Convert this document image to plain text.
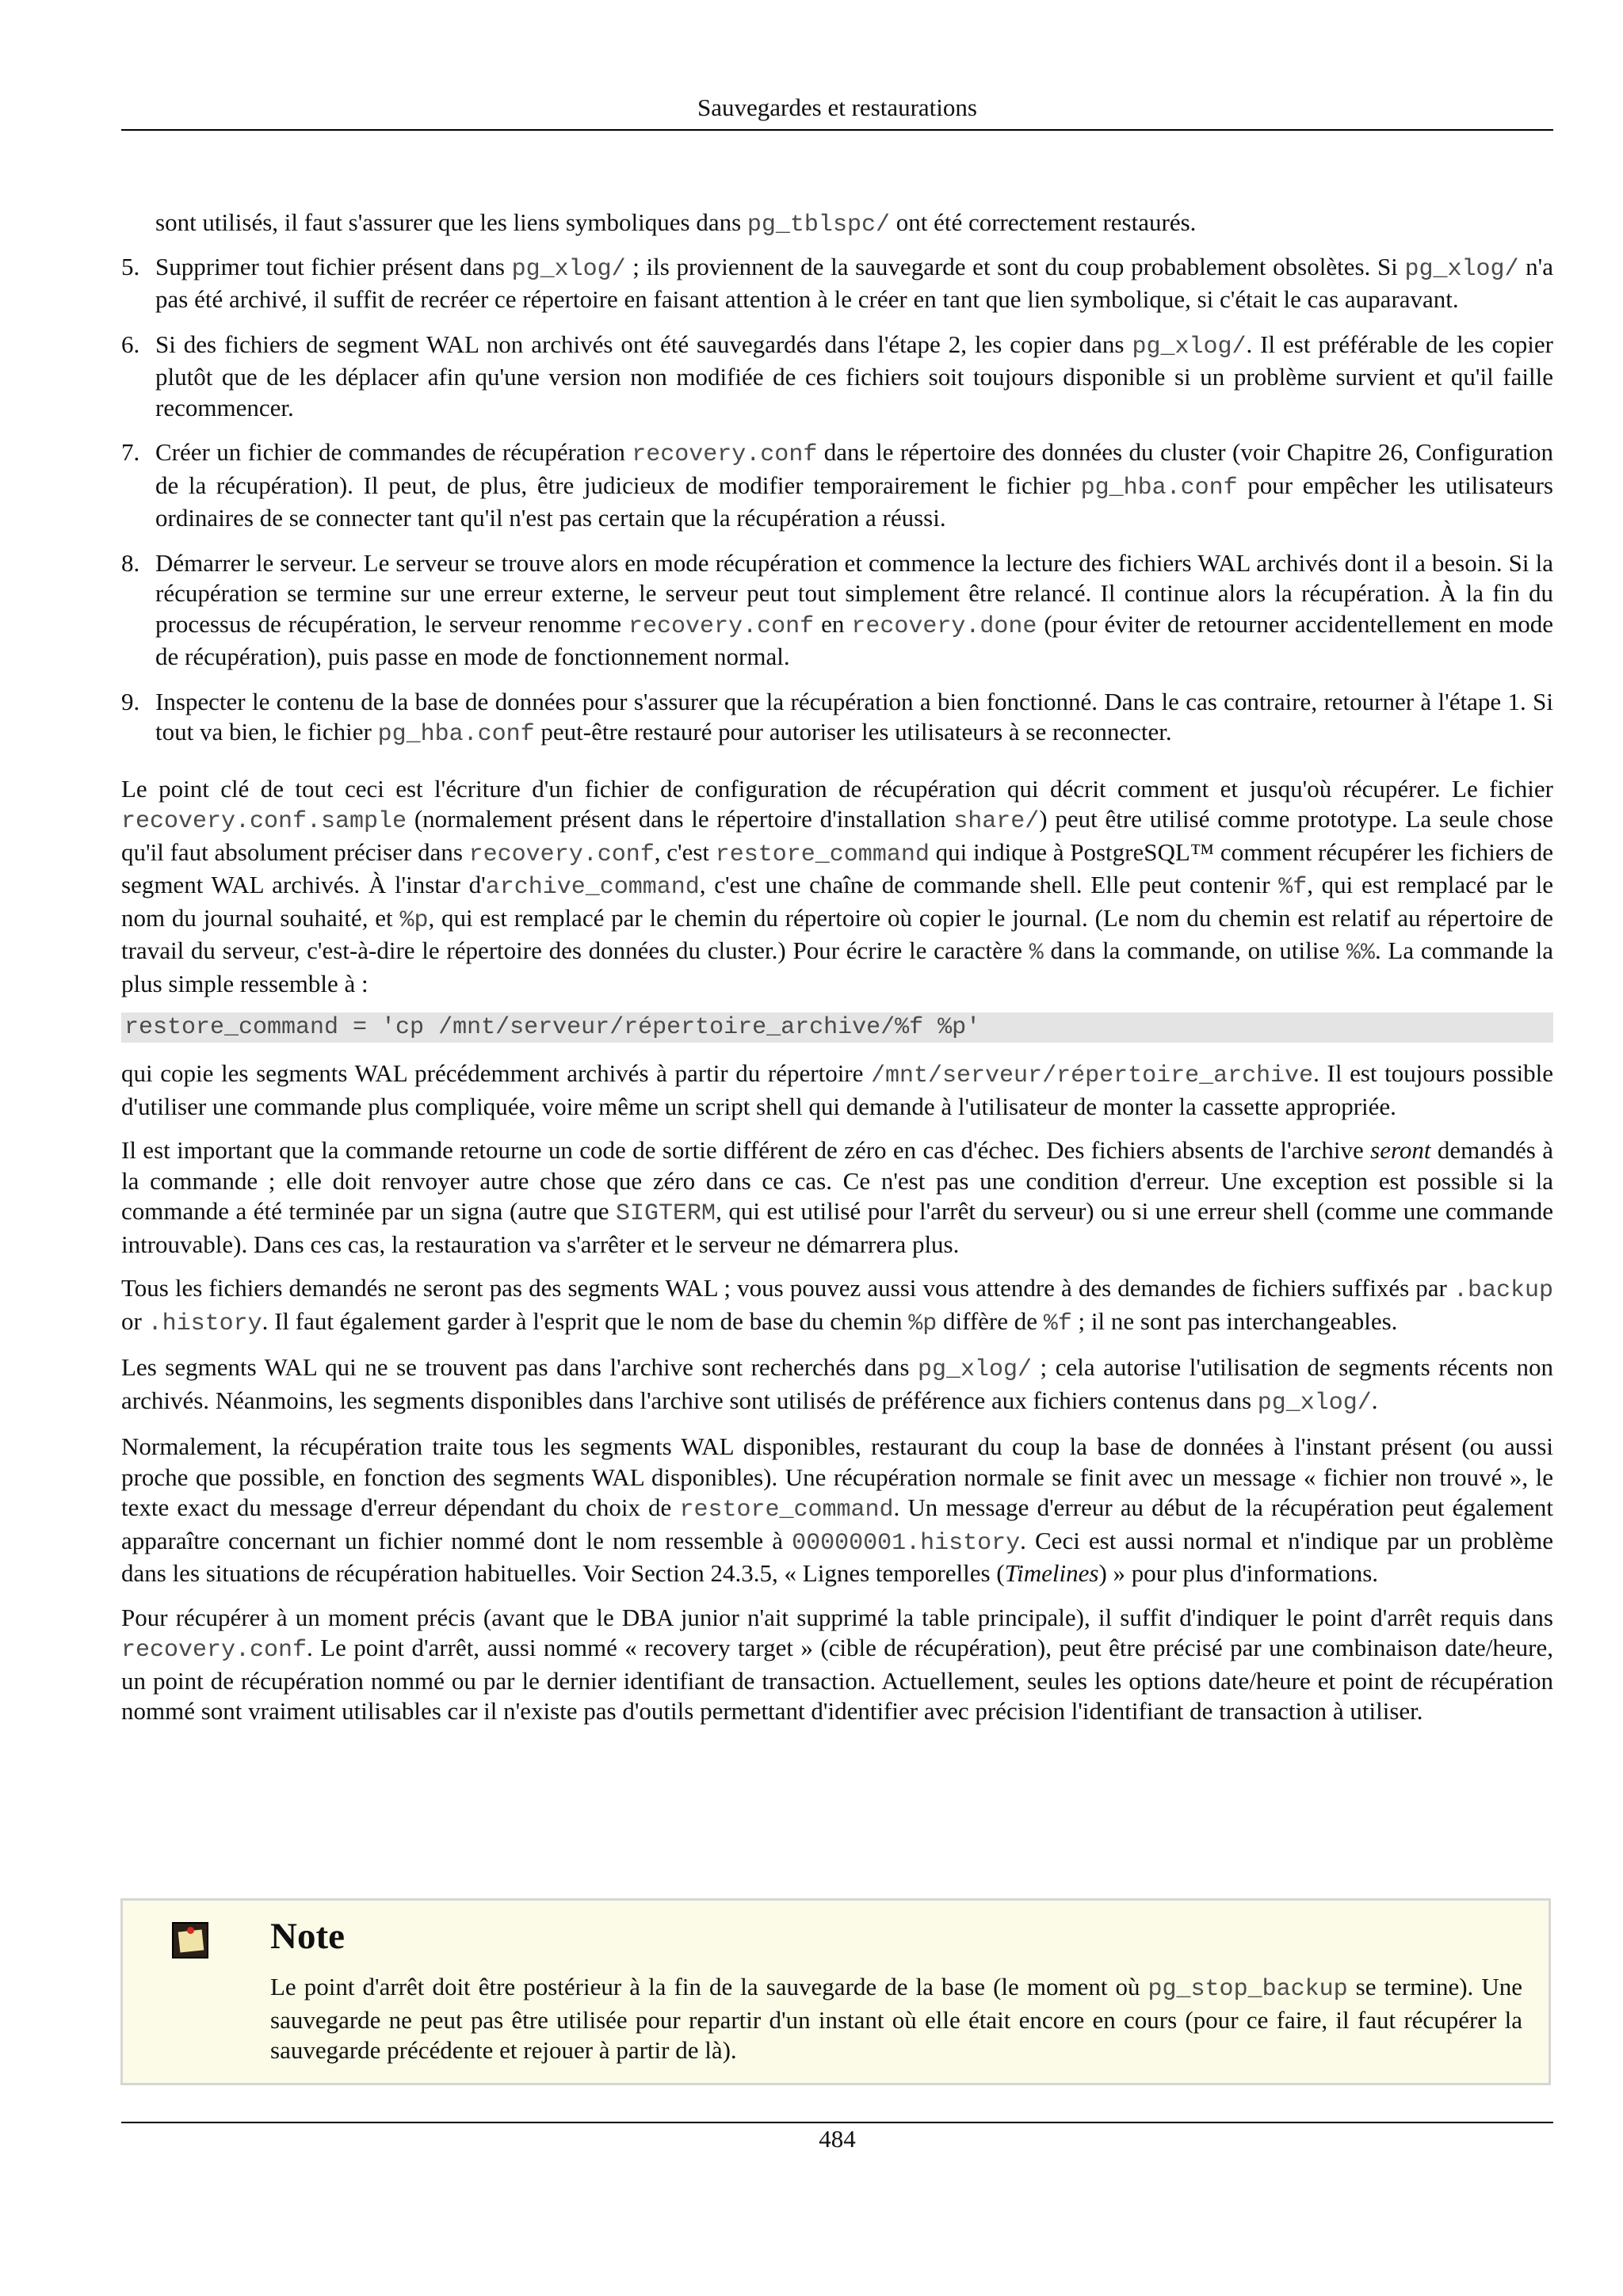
Sauvegardes et restaurations

sont utilisés, il faut s'assurer que les liens symboliques dans pg_tblspc/ ont été correctement restaurés.

5. Supprimer tout fichier présent dans pg_xlog/ ; ils proviennent de la sauvegarde et sont du coup probablement obsolètes. Si pg_xlog/ n'a pas été archivé, il suffit de recréer ce répertoire en faisant attention à le créer en tant que lien symbolique, si c'était le cas auparavant.
6. Si des fichiers de segment WAL non archivés ont été sauvegardés dans l'étape 2, les copier dans pg_xlog/. Il est préférable de les copier plutôt que de les déplacer afin qu'une version non modifiée de ces fichiers soit toujours disponible si un problème survient et qu'il faille recommencer.
7. Créer un fichier de commandes de récupération recovery.conf dans le répertoire des données du cluster (voir Chapitre 26, Configuration de la récupération). Il peut, de plus, être judicieux de modifier temporairement le fichier pg_hba.conf pour empêcher les utilisateurs ordinaires de se connecter tant qu'il n'est pas certain que la récupération a réussi.
8. Démarrer le serveur. Le serveur se trouve alors en mode récupération et commence la lecture des fichiers WAL archivés dont il a besoin. Si la récupération se termine sur une erreur externe, le serveur peut tout simplement être relancé. Il continue alors la récupération. À la fin du processus de récupération, le serveur renomme recovery.conf en recovery.done (pour éviter de retourner accidentellement en mode de récupération), puis passe en mode de fonctionnement normal.
9. Inspecter le contenu de la base de données pour s'assurer que la récupération a bien fonctionné. Dans le cas contraire, retourner à l'étape 1. Si tout va bien, le fichier pg_hba.conf peut-être restauré pour autoriser les utilisateurs à se reconnecter.

Le point clé de tout ceci est l'écriture d'un fichier de configuration de récupération qui décrit comment et jusqu'où récupérer. Le fichier recovery.conf.sample (normalement présent dans le répertoire d'installation share/) peut être utilisé comme prototype. La seule chose qu'il faut absolument préciser dans recovery.conf, c'est restore_command qui indique à PostgreSQL™ comment récupérer les fichiers de segment WAL archivés. À l'instar d'archive_command, c'est une chaîne de commande shell. Elle peut contenir %f, qui est remplacé par le nom du journal souhaité, et %p, qui est remplacé par le chemin du répertoire où copier le journal. (Le nom du chemin est relatif au répertoire de travail du serveur, c'est-à-dire le répertoire des données du cluster.) Pour écrire le caractère % dans la commande, on utilise %%. La commande la plus simple ressemble à :

restore_command = 'cp /mnt/serveur/répertoire_archive/%f %p'

qui copie les segments WAL précédemment archivés à partir du répertoire /mnt/serveur/répertoire_archive. Il est toujours possible d'utiliser une commande plus compliquée, voire même un script shell qui demande à l'utilisateur de monter la cassette appropriée.

Il est important que la commande retourne un code de sortie différent de zéro en cas d'échec. Des fichiers absents de l'archive seront demandés à la commande ; elle doit renvoyer autre chose que zéro dans ce cas. Ce n'est pas une condition d'erreur. Une exception est possible si la commande a été terminée par un signa (autre que SIGTERM, qui est utilisé pour l'arrêt du serveur) ou si une erreur shell (comme une commande introuvable). Dans ces cas, la restauration va s'arrêter et le serveur ne démarrera plus.

Tous les fichiers demandés ne seront pas des segments WAL ; vous pouvez aussi vous attendre à des demandes de fichiers suffixés par .backup or .history. Il faut également garder à l'esprit que le nom de base du chemin %p diffère de %f ; il ne sont pas interchangeables.

Les segments WAL qui ne se trouvent pas dans l'archive sont recherchés dans pg_xlog/ ; cela autorise l'utilisation de segments récents non archivés. Néanmoins, les segments disponibles dans l'archive sont utilisés de préférence aux fichiers contenus dans pg_xlog/.

Normalement, la récupération traite tous les segments WAL disponibles, restaurant du coup la base de données à l'instant présent (ou aussi proche que possible, en fonction des segments WAL disponibles). Une récupération normale se finit avec un message « fichier non trouvé », le texte exact du message d'erreur dépendant du choix de restore_command. Un message d'erreur au début de la récupération peut également apparaître concernant un fichier nommé dont le nom ressemble à 00000001.history. Ceci est aussi normal et n'indique par un problème dans les situations de récupération habituelles. Voir Section 24.3.5, « Lignes temporelles (Timelines) » pour plus d'informations.

Pour récupérer à un moment précis (avant que le DBA junior n'ait supprimé la table principale), il suffit d'indiquer le point d'arrêt requis dans recovery.conf. Le point d'arrêt, aussi nommé « recovery target » (cible de récupération), peut être précisé par une combinaison date/heure, un point de récupération nommé ou par le dernier identifiant de transaction. Actuellement, seules les options date/heure et point de récupération nommé sont vraiment utilisables car il n'existe pas d'outils permettant d'identifier avec précision l'identifiant de transaction à utiliser.

Note
Le point d'arrêt doit être postérieur à la fin de la sauvegarde de la base (le moment où pg_stop_backup se termine). Une sauvegarde ne peut pas être utilisée pour repartir d'un instant où elle était encore en cours (pour ce faire, il faut récupérer la sauvegarde précédente et rejouer à partir de là).
484
